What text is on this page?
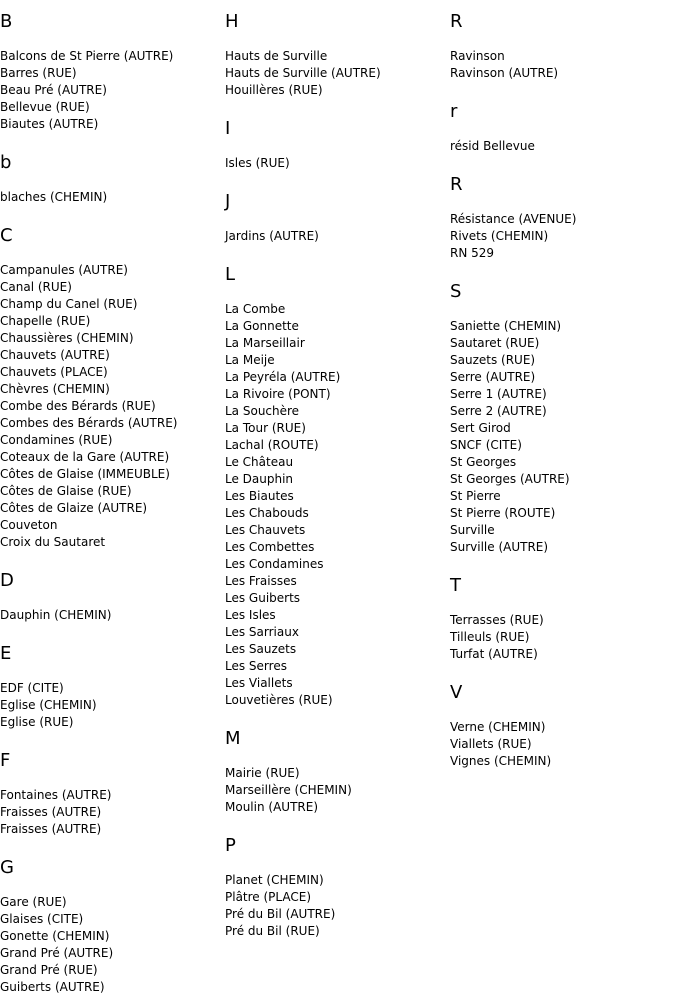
B
Balcons de St Pierre (AUTRE)
Barres (RUE)
Beau Pré (AUTRE)
Bellevue (RUE)
Biautes (AUTRE)
b
blaches (CHEMIN)
C
Campanules (AUTRE)
Canal (RUE)
Champ du Canel (RUE)
Chapelle (RUE)
Chaussières (CHEMIN)
Chauvets (AUTRE)
Chauvets (PLACE)
Chèvres (CHEMIN)
Combe des Bérards (RUE)
Combes des Bérards (AUTRE)
Condamines (RUE)
Coteaux de la Gare (AUTRE)
Côtes de Glaise (IMMEUBLE)
Côtes de Glaise (RUE)
Côtes de Glaize (AUTRE)
Couveton
Croix du Sautaret
D
Dauphin (CHEMIN)
E
EDF (CITE)
Eglise (CHEMIN)
Eglise (RUE)
F
Fontaines (AUTRE)
Fraisses (AUTRE)
Fraisses (AUTRE)
G
Gare (RUE)
Glaises (CITE)
Gonette (CHEMIN)
Grand Pré (AUTRE)
Grand Pré (RUE)
Guiberts (AUTRE)
H
Hauts de Surville
Hauts de Surville (AUTRE)
Houillères (RUE)
I
Isles (RUE)
J
Jardins (AUTRE)
L
La Combe
La Gonnette
La Marseillair
La Meije
La Peyréla (AUTRE)
La Rivoire (PONT)
La Souchère
La Tour (RUE)
Lachal (ROUTE)
Le Château
Le Dauphin
Les Biautes
Les Chabouds
Les Chauvets
Les Combettes
Les Condamines
Les Fraisses
Les Guiberts
Les Isles
Les Sarriaux
Les Sauzets
Les Serres
Les Viallets
Louvetières (RUE)
M
Mairie (RUE)
Marseillère (CHEMIN)
Moulin (AUTRE)
P
Planet (CHEMIN)
Plâtre (PLACE)
Pré du Bil (AUTRE)
Pré du Bil (RUE)
R
Ravinson
Ravinson (AUTRE)
r
résid Bellevue
R
Résistance (AVENUE)
Rivets (CHEMIN)
RN 529
S
Saniette (CHEMIN)
Sautaret (RUE)
Sauzets (RUE)
Serre (AUTRE)
Serre 1 (AUTRE)
Serre 2 (AUTRE)
Sert Girod
SNCF (CITE)
St Georges
St Georges (AUTRE)
St Pierre
St Pierre (ROUTE)
Surville
Surville (AUTRE)
T
Terrasses (RUE)
Tilleuls (RUE)
Turfat (AUTRE)
V
Verne (CHEMIN)
Viallets (RUE)
Vignes (CHEMIN)
